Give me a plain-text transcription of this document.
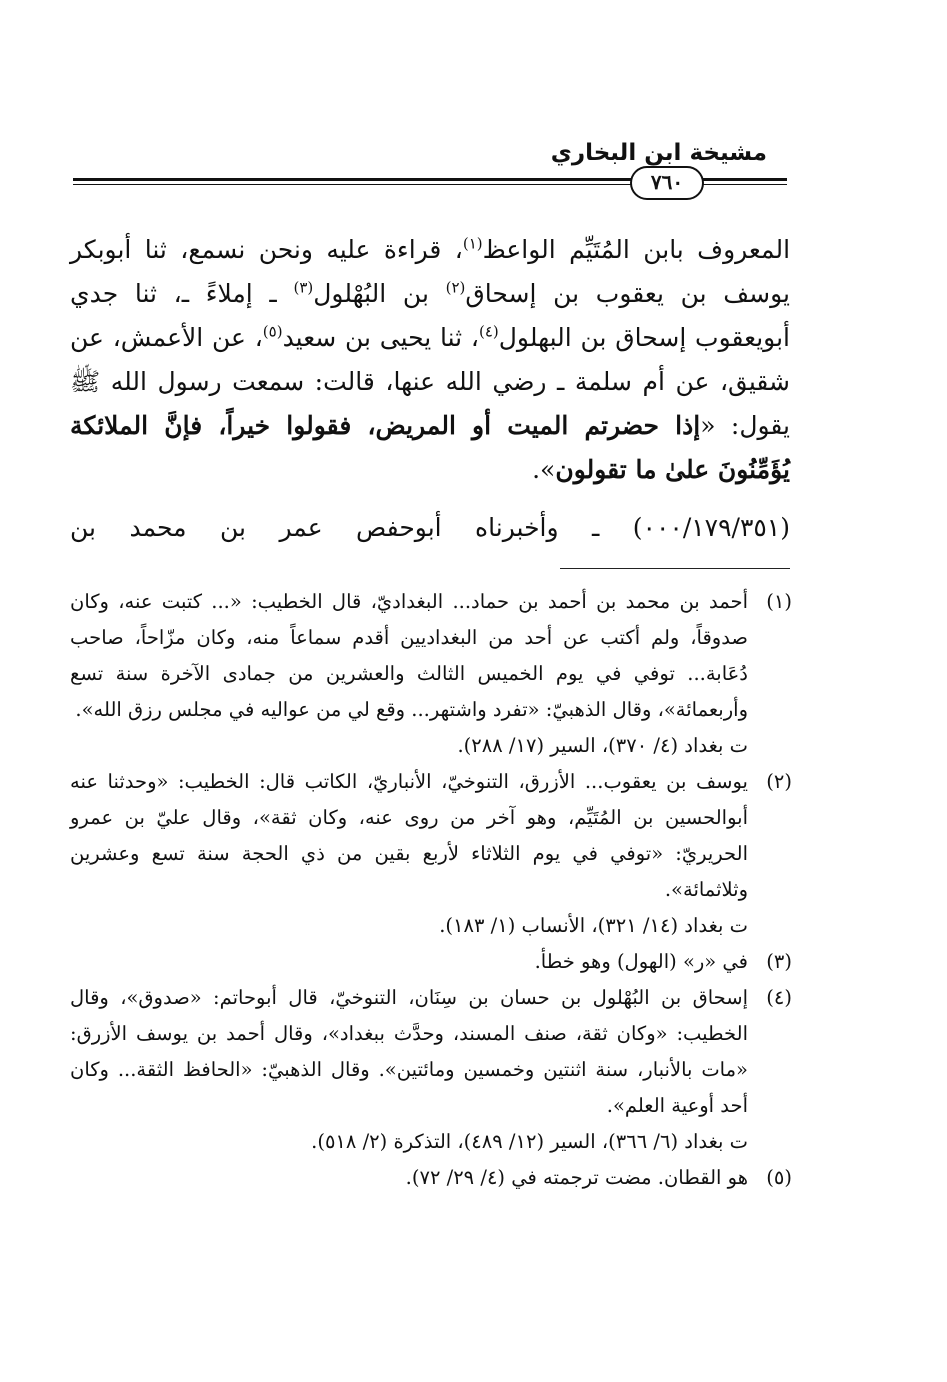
مشيخة ابن البخاري
٧٦٠

المعروف بابن المُتَيِّم الواعظ$^{(١)}$، قراءة عليه ونحن نسمع، ثنا أبوبكر يوسف بن يعقوب بن إسحاق$^{(٢)}$ بن البُهْلول$^{(٣)}$ ـ إملاءً ـ، ثنا جدي أبويعقوب إسحاق بن البهلول$^{(٤)}$، ثنا يحيى بن سعيد$^{(٥)}$، عن الأعمش، عن شقيق، عن أم سلمة ـ رضي الله عنها، قالت: سمعت رسول الله ﷺ يقول: «إذا حضرتم الميت أو المريض، فقولوا خيراً، فإنَّ الملائكة يُؤَمِّنُونَ علىٰ ما تقولون».

(٠٠٠/١٧٩/٣٥١) ـ وأخبرناه أبوحفص عمر بن محمد بن
(١)

أحمد بن محمد بن أحمد بن حماد... البغداديّ، قال الخطيب: «... كتبت عنه، وكان صدوقاً، ولم أكتب عن أحد من البغداديين أقدم سماعاً منه، وكان مزّاحاً، صاحب دُعَابة... توفي في يوم الخميس الثالث والعشرين من جمادى الآخرة سنة تسع وأربعمائة»، وقال الذهبيّ: «تفرد واشتهر... وقع لي من عواليه في مجلس رزق الله».

ت بغداد (٤/ ٣٧٠)، السير (١٧/ ٢٨٨).

(٢)

يوسف بن يعقوب... الأزرق، التنوخيّ، الأنباريّ، الكاتب قال: الخطيب: «وحدثنا عنه أبوالحسين بن المُتَيِّم، وهو آخر من روى عنه، وكان ثقة»، وقال عليّ بن عمرو الحريريّ: «توفي في يوم الثلاثاء لأربع بقين من ذي الحجة سنة تسع وعشرين وثلاثمائة».

ت بغداد (١٤/ ٣٢١)، الأنساب (١/ ١٨٣).

(٣)

في «ر» (الهول) وهو خطأ.

(٤)

إسحاق بن البُهْلول بن حسان بن سِنَان، التنوخيّ، قال أبوحاتم: «صدوق»، وقال الخطيب: «وكان ثقة، صنف المسند، وحدَّث ببغداد»، وقال أحمد بن يوسف الأزرق: «مات بالأنبار، سنة اثنتين وخمسين ومائتين». وقال الذهبيّ: «الحافظ الثقة... وكان أحد أوعية العلم».

ت بغداد (٦/ ٣٦٦)، السير (١٢/ ٤٨٩)، التذكرة (٢/ ٥١٨).

(٥)

هو القطان. مضت ترجمته في (٤/ ٢٩/ ٧٢).
